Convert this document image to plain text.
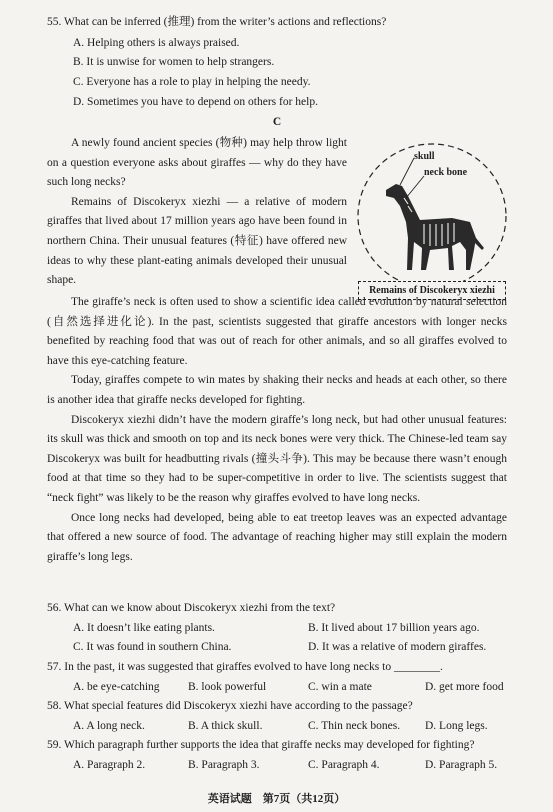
55. What can be inferred (推理) from the writer’s actions and reflections?
A. Helping others is always praised.
B. It is unwise for women to help strangers.
C. Everyone has a role to play in helping the needy.
D. Sometimes you have to depend on others for help.
C
skull
neck bone
Remains of Discokeryx xiezhi

A newly found ancient species (物种) may help throw light on a question everyone asks about giraffes — why do they have such long necks?

Remains of Discokeryx xiezhi — a relative of modern giraffes that lived about 17 million years ago have been found in northern China. Their unusual features (特征) have offered new ideas to why these plant-eating animals developed their unusual shape.

The giraffe’s neck is often used to show a scientific idea called evolution by natural selection (自然选择进化论). In the past, scientists suggested that giraffe ancestors with longer necks benefited by reaching food that was out of reach for other animals, and so all giraffes evolved to have this eye-catching feature.

Today, giraffes compete to win mates by shaking their necks and heads at each other, so there is another idea that giraffe necks developed for fighting.

Discokeryx xiezhi didn’t have the modern giraffe’s long neck, but had other unusual features: its skull was thick and smooth on top and its neck bones were very thick. The Chinese-led team say Discokeryx was built for headbutting rivals (撞头斗争). This may be because there wasn’t enough food at that time so they had to be super-competitive in order to live. The scientists suggest that “neck fight” was likely to be the reason why giraffes evolved to have long necks.

Once long necks had developed, being able to eat treetop leaves was an expected advantage that offered a new source of food. The advantage of reaching higher may still explain the modern giraffe’s long legs.

56. What can we know about Discokeryx xiezhi from the text?
A. It doesn’t like eating plants.	B. It lived about 17 billion years ago.
C. It was found in southern China.	D. It was a relative of modern giraffes.
57. In the past, it was suggested that giraffes evolved to have long necks to ________.
A. be eye-catching B. look powerful	C. win a mate	D. get more food
58. What special features did Discokeryx xiezhi have according to the passage?
A. A long neck.	B. A thick skull.	C. Thin neck bones. D. Long legs.
59. Which paragraph further supports the idea that giraffe necks may developed for fighting?
A. Paragraph 2.	B. Paragraph 3.	C. Paragraph 4.	D. Paragraph 5.
英语试题　第7页（共12页）
